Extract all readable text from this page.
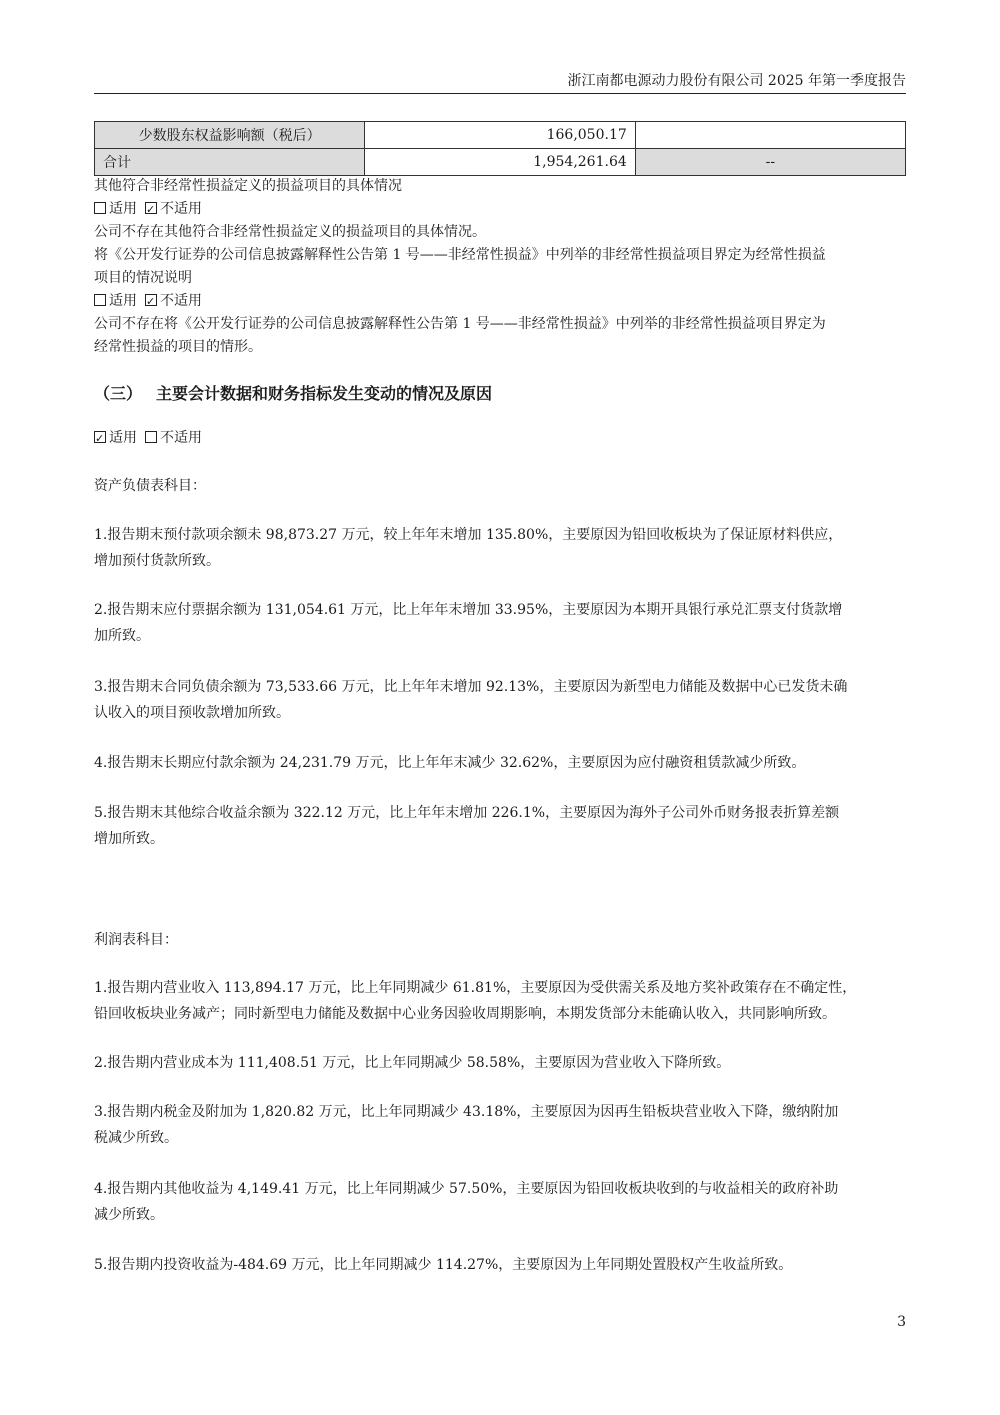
浙江南都电源动力股份有限公司 2025 年第一季度报告
少数股东权益影响额（税后）	166,050.17	
合计	1,954,261.64	--
其他符合非经常性损益定义的损益项目的具体情况
适用 ✓ 不适用
公司不存在其他符合非经常性损益定义的损益项目的具体情况。
将《公开发行证券的公司信息披露解释性公告第 1 号——非经常性损益》中列举的非经常性损益项目界定为经常性损益
项目的情况说明
适用 ✓ 不适用
公司不存在将《公开发行证券的公司信息披露解释性公告第 1 号——非经常性损益》中列举的非经常性损益项目界定为
经常性损益的项目的情形。
（三） 主要会计数据和财务指标发生变动的情况及原因
✓适用 不适用
资产负债表科目：
1.报告期末预付款项余额未 98,873.27 万元，较上年年末增加 135.80%，主要原因为铅回收板块为了保证原材料供应，
增加预付货款所致。
2.报告期末应付票据余额为 131,054.61 万元，比上年年末增加 33.95%，主要原因为本期开具银行承兑汇票支付货款增
加所致。
3.报告期末合同负债余额为 73,533.66 万元，比上年年末增加 92.13%，主要原因为新型电力储能及数据中心已发货未确
认收入的项目预收款增加所致。
4.报告期末长期应付款余额为 24,231.79 万元，比上年年末减少 32.62%，主要原因为应付融资租赁款减少所致。
5.报告期末其他综合收益余额为 322.12 万元，比上年年末增加 226.1%，主要原因为海外子公司外币财务报表折算差额
增加所致。
利润表科目：
1.报告期内营业收入 113,894.17 万元，比上年同期减少 61.81%，主要原因为受供需关系及地方奖补政策存在不确定性，
铅回收板块业务减产；同时新型电力储能及数据中心业务因验收周期影响，本期发货部分未能确认收入，共同影响所致。
2.报告期内营业成本为 111,408.51 万元，比上年同期减少 58.58%，主要原因为营业收入下降所致。
3.报告期内税金及附加为 1,820.82 万元，比上年同期减少 43.18%，主要原因为因再生铅板块营业收入下降，缴纳附加
税减少所致。
4.报告期内其他收益为 4,149.41 万元，比上年同期减少 57.50%，主要原因为铅回收板块收到的与收益相关的政府补助
减少所致。
5.报告期内投资收益为-484.69 万元，比上年同期减少 114.27%，主要原因为上年同期处置股权产生收益所致。
3
